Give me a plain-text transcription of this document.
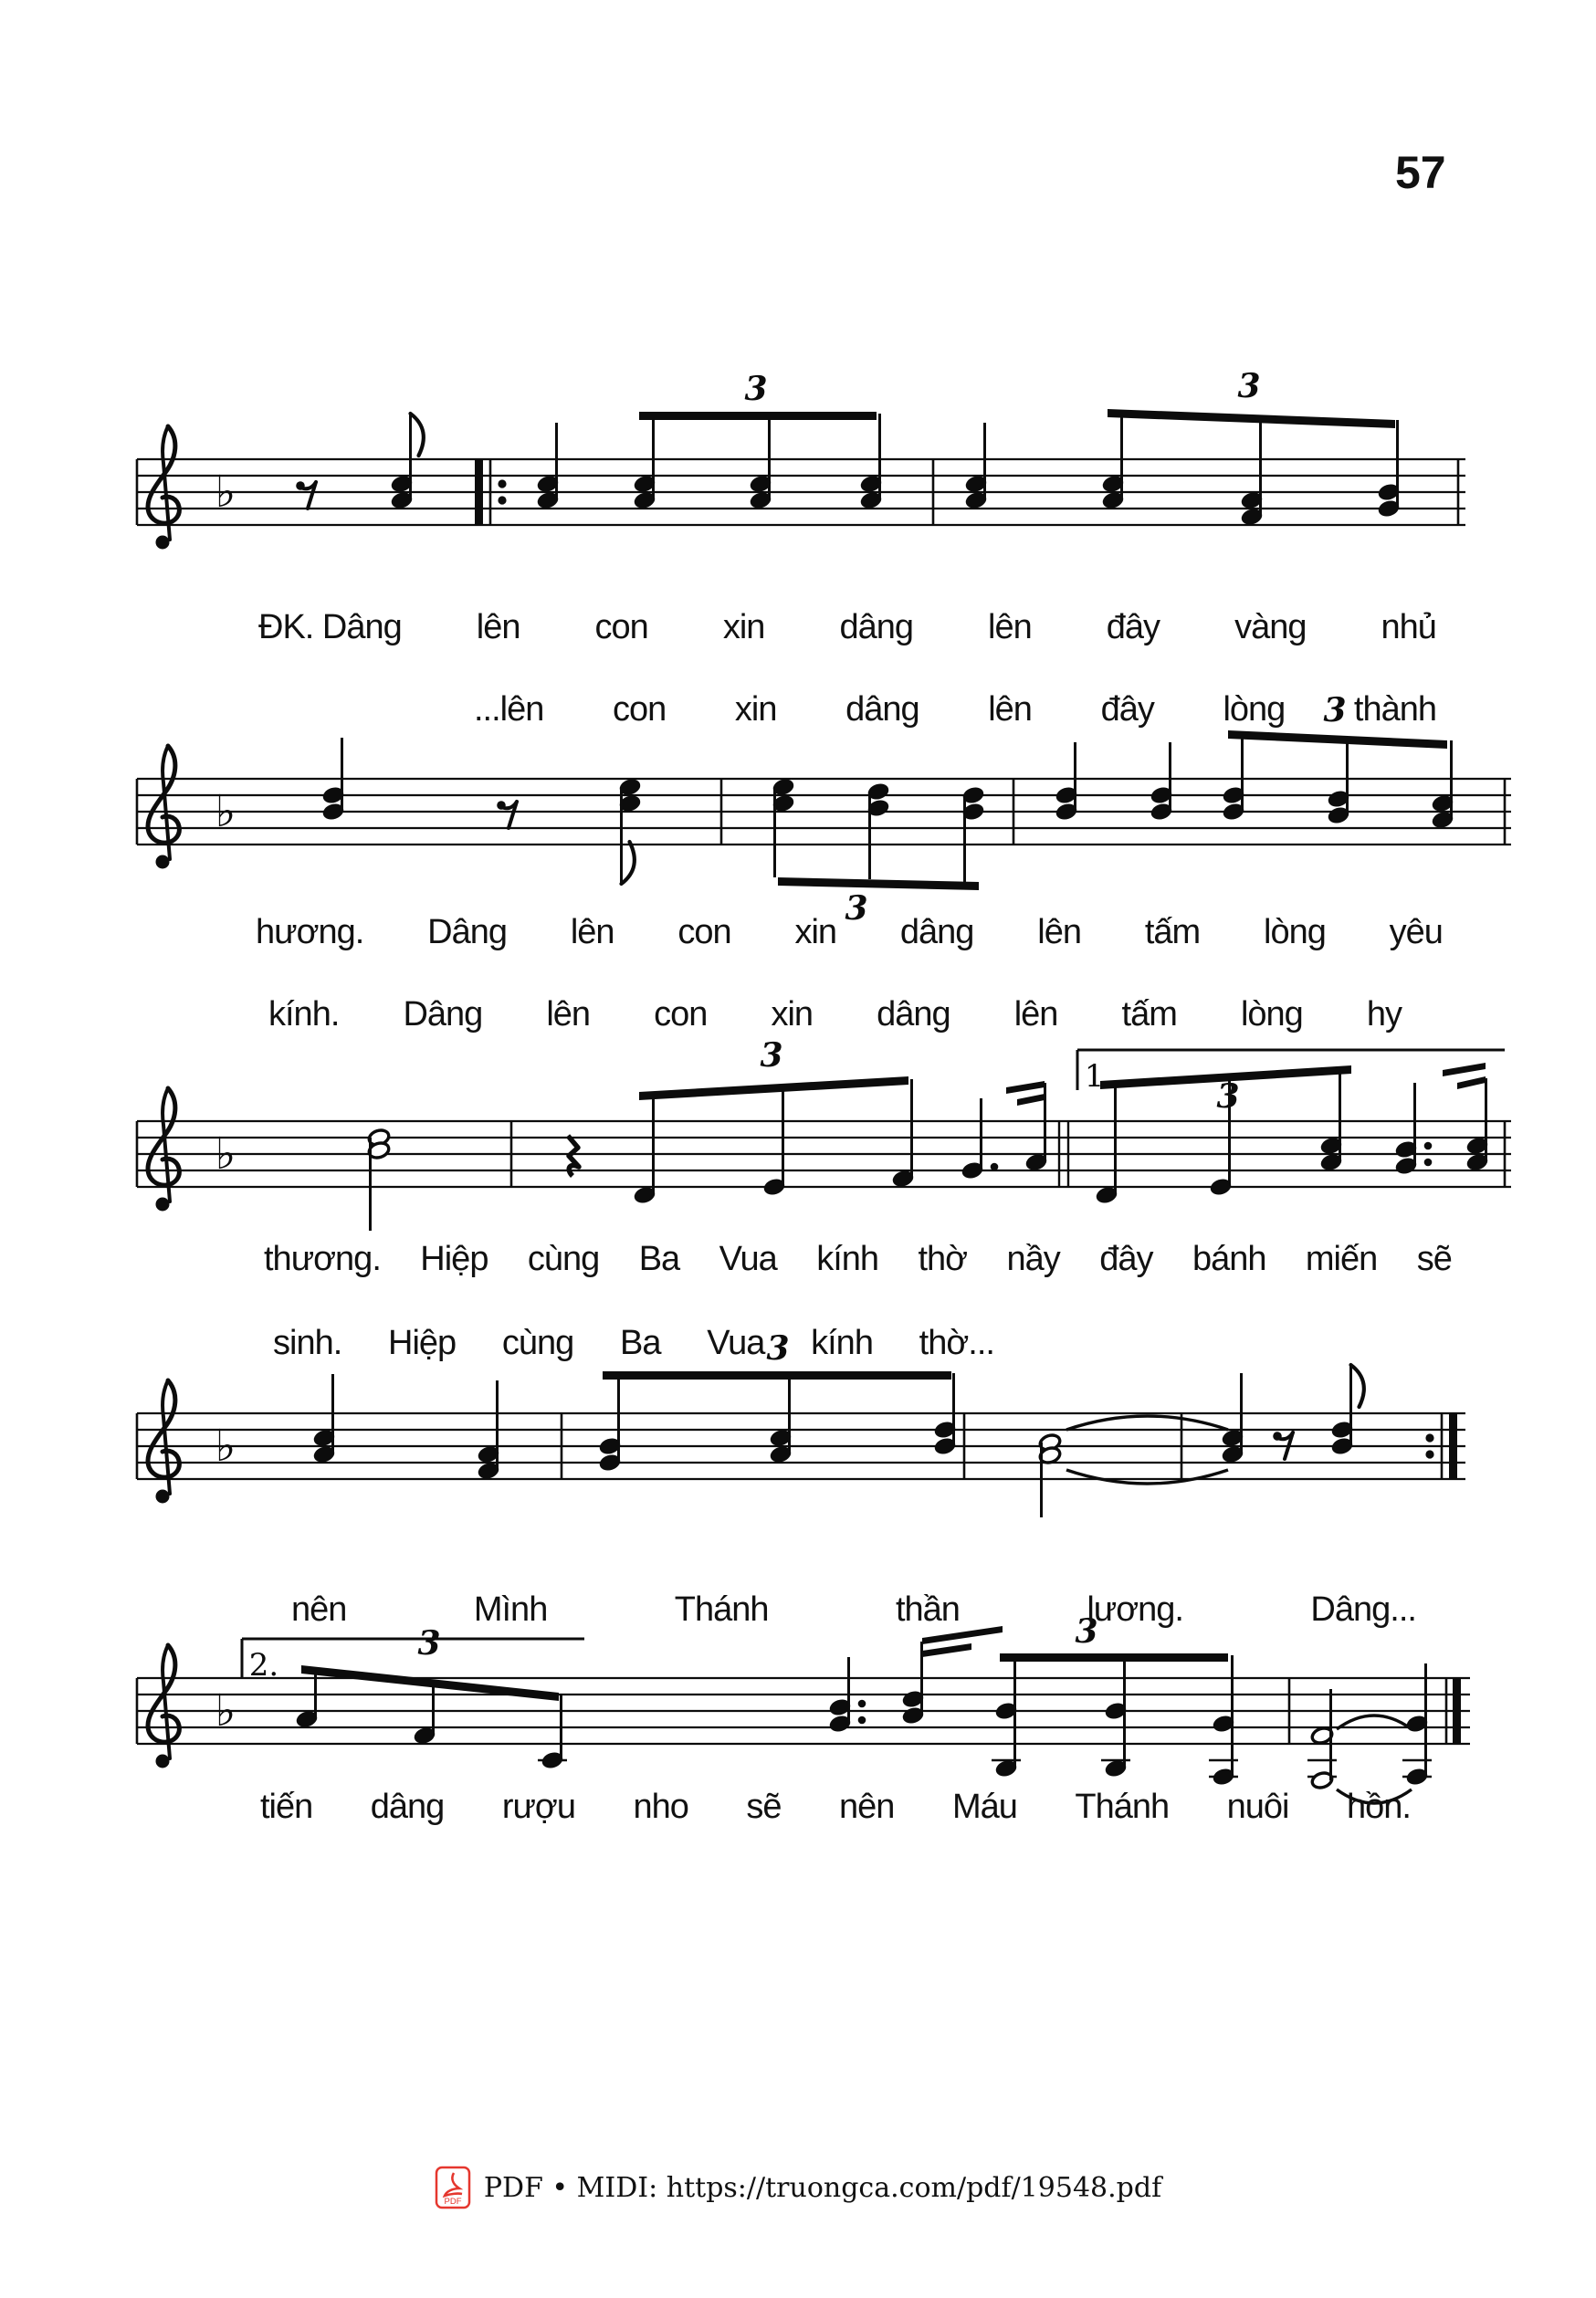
57
♭
3	3
♭
3
3
♭
3
1.
3
♭
3
♭
2.
3	3
ĐK. Dâng lên con xin dâng lên đây vàng nhủ
...lên con xin dâng lên đây lòng thành
hương. Dâng lên con xin dâng lên tấm lòng yêu
kính. Dâng lên con xin dâng lên tấm lòng hy
thương. Hiệp cùng Ba Vua kính thờ nầy đây bánh miến sẽ
sinh. Hiệp cùng Ba Vua kính thờ...
nên	Mình	Thánh	thần	lương.	Dâng...
tiến dâng rượu nho sẽ nên Máu Thánh nuôi hồn.
PDF PDF • MIDI: https://truongca.com/pdf/19548.pdf
